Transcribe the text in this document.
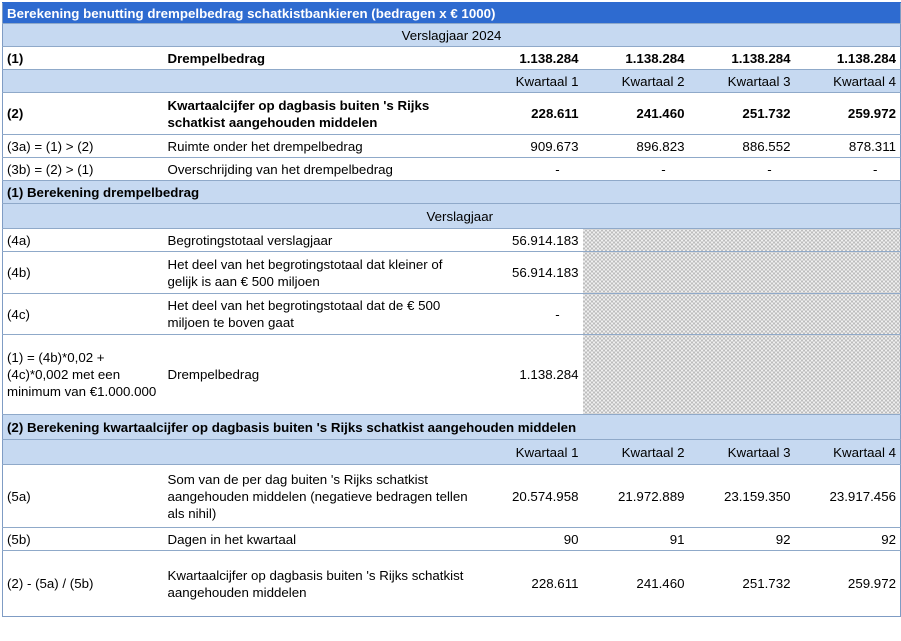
Berekening benutting drempelbedrag schatkistbankieren (bedragen x € 1000)					
Verslagjaar 2024					
(1)	Drempelbedrag	1.138.284	1.138.284	1.138.284	1.138.284
		Kwartaal 1	Kwartaal 2	Kwartaal 3	Kwartaal 4
(2)	Kwartaalcijfer op dagbasis buiten 's Rijks schatkist aangehouden middelen	228.611	241.460	251.732	259.972
(3a) = (1) > (2)	Ruimte onder het drempelbedrag	909.673	896.823	886.552	878.311
(3b) = (2) > (1)	Overschrijding van het drempelbedrag	-	-	-	-
(1) Berekening drempelbedrag					
		Verslagjaar			
(4a)	Begrotingstotaal verslagjaar	56.914.183			
(4b)	Het deel van het begrotingstotaal dat kleiner of gelijk is aan € 500 miljoen	56.914.183			
(4c)	Het deel van het begrotingstotaal dat de € 500 miljoen te boven gaat	-			
(1) = (4b)*0,02 + (4c)*0,002 met een minimum van €1.000.000	Drempelbedrag	1.138.284			
(2) Berekening kwartaalcijfer op dagbasis buiten 's Rijks schatkist aangehouden middelen					
		Kwartaal 1	Kwartaal 2	Kwartaal 3	Kwartaal 4
(5a)	Som van de per dag buiten 's Rijks schatkist aangehouden middelen (negatieve bedragen tellen als nihil)	20.574.958	21.972.889	23.159.350	23.917.456
(5b)	Dagen in het kwartaal	90	91	92	92
(2) - (5a) / (5b)	Kwartaalcijfer op dagbasis buiten 's Rijks schatkist aangehouden middelen	228.611	241.460	251.732	259.972
